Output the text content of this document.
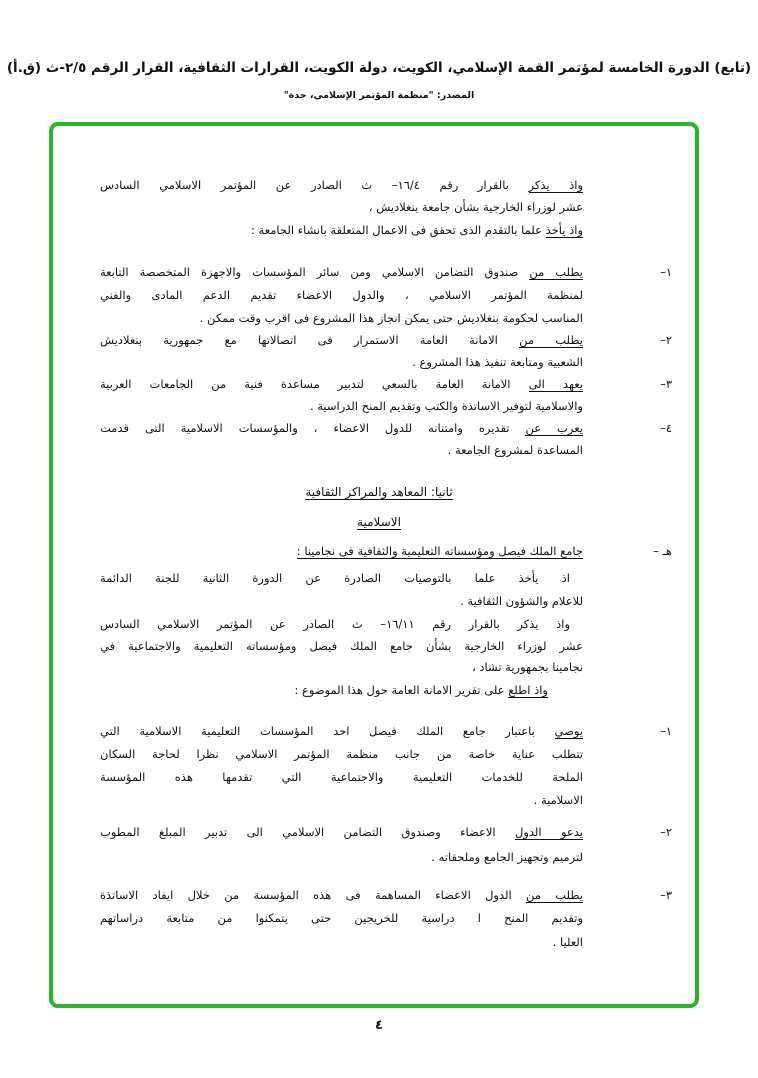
(تابع) الدورة الخامسة لمؤتمر القمة الإسلامي، الكويت، دولة الكويت، القرارات الثقافية، القرار الرقم ٢/٥-ث (ق.أ)
المصدر: "منظمة المؤتمر الإسلامي، جدة"
واذ يذكر بالقرار رقم ١٦/٤– ث الصادر عن المؤتمر الاسلامي السادس
عشر لوزراء الخارجية بشأن جامعة بنغلاديش ،
واذ يأخذ علما بالتقدم الذى تحقق فى الاعمال المتعلقة بانشاء الجامعة :
١–
يطلب من صندوق التضامن الاسلامي ومن سائر المؤسسات والاجهزة المتخصصة التابعة
لمنظمة المؤتمر الاسلامي ، والدول الاعضاء تقديم الدعم المادى والفني
المناسب لحكومة بنغلاديش حتى يمكن انجاز هذا المشروع فى اقرب وقت ممكن .
٢–
يطلب من الامانة العامة الاستمرار فى اتصالاتها مع جمهورية بنغلاديش
الشعبية ومتابعة تنفيذ هذا المشروع .
٣–
يعهد الى الامانة العامة بالسعي لتدبير مساعدة فنية من الجامعات العربية
والاسلامية لتوفير الاساتذة والكتب وتقديم المنح الدراسية .
٤–
يعرب عن تقديره وامتنانه للدول الاعضاء ، والمؤسسات الاسلامية التى قدمت
المساعدة لمشروع الجامعة .
ثانيا: المعاهد والمراكز الثقافية
الاسلامية
هـ –
جامع الملك فيصل ومؤسساته التعليمية والثقافية فى نجامينا :
اذ يأخذ علما بالتوصيات الصادرة عن الدورة الثانية للجنة الدائمة
للاعلام والشؤون الثقافية .
واذ يذكر بالقرار رقم ١٦/١١– ث الصادر عن المؤتمر الاسلامي السادس
عشر لوزراء الخارجية بشأن جامع الملك فيصل ومؤسساته التعليمية والاجتماعية في
نجامينا بجمهورية تشاد ،
واذ اطلع على تقرير الامانة العامة حول هذا الموضوع :
١–
يوصي باعتبار جامع الملك فيصل احد المؤسسات التعليمية الاسلامية التي
تتطلب عناية خاصة من جانب منظمة المؤتمر الاسلامي نظرا لحاجة السكان
الملحة للخدمات التعليمية والاجتماعية التي تقدمها هذه المؤسسة
الاسلامية .
٢–
يدعو الدول الاعضاء وصندوق التضامن الاسلامي الى تدبير المبلغ المطوب
لترميم وتجهيز الجامع وملحقاته .
٣–
يطلب من الدول الاعضاء المساهمة فى هذه المؤسسة من خلال ايفاد الاساتذة
وتقديم المنح ا دراسية للخريجين حتى يتمكنوا من متابعة دراساتهم
العليا .
٤
